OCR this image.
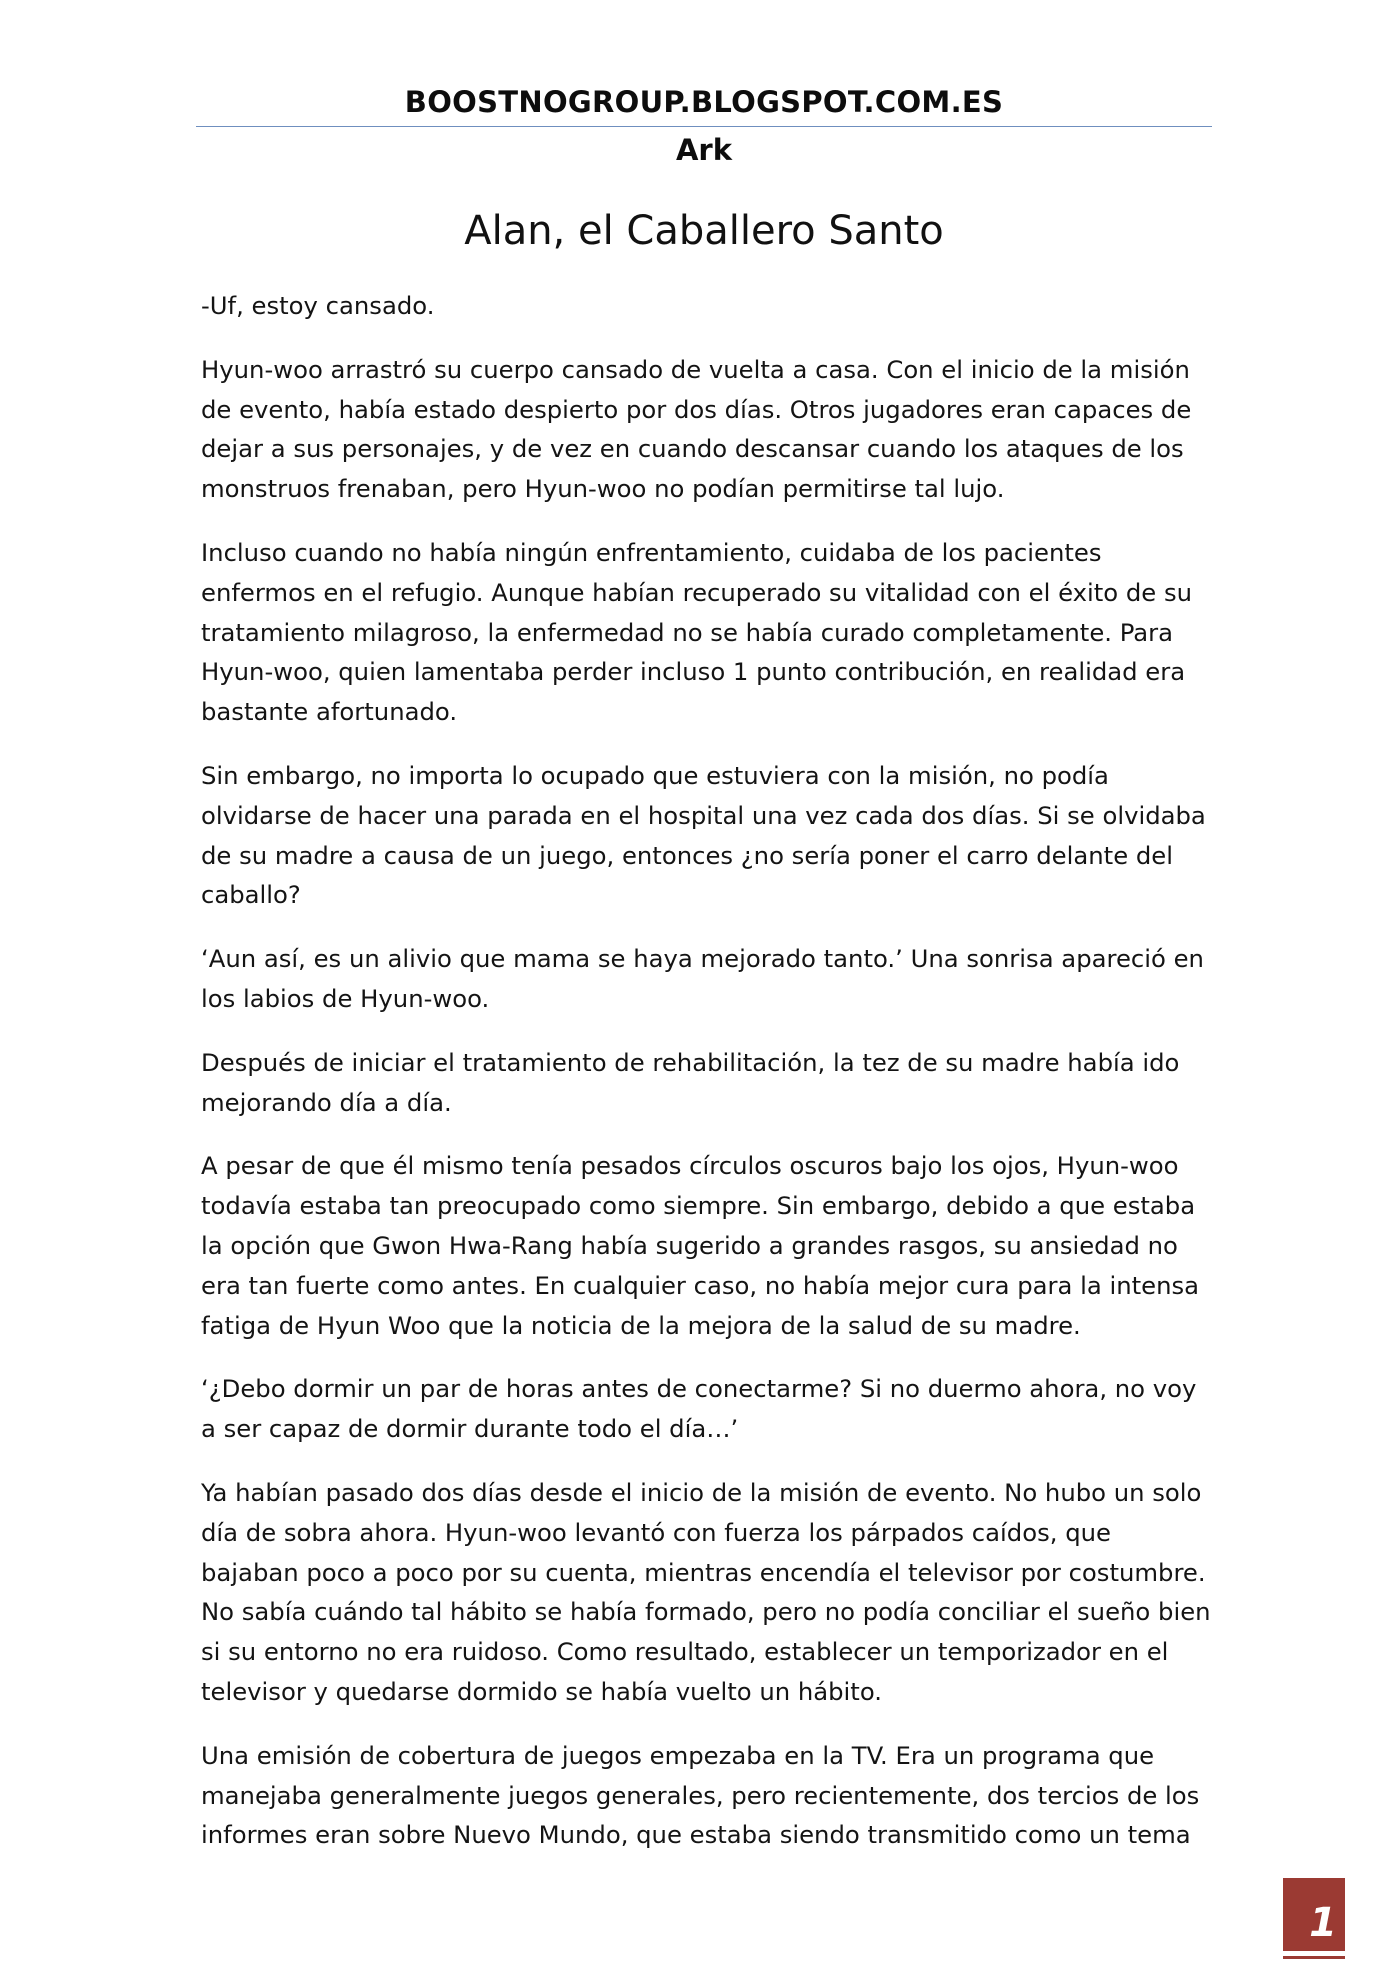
BOOSTNOGROUP.BLOGSPOT.COM.ES
Ark
Alan, el Caballero Santo

-Uf, estoy cansado.

Hyun-woo arrastró su cuerpo cansado de vuelta a casa. Con el inicio de la misión de evento, había estado despierto por dos días. Otros jugadores eran capaces de dejar a sus personajes, y de vez en cuando descansar cuando los ataques de los monstruos frenaban, pero Hyun-woo no podían permitirse tal lujo.

Incluso cuando no había ningún enfrentamiento, cuidaba de los pacientes enfermos en el refugio. Aunque habían recuperado su vitalidad con el éxito de su tratamiento milagroso, la enfermedad no se había curado completamente. Para Hyun-woo, quien lamentaba perder incluso 1 punto contribución, en realidad era bastante afortunado.

Sin embargo, no importa lo ocupado que estuviera con la misión, no podía olvidarse de hacer una parada en el hospital una vez cada dos días. Si se olvidaba de su madre a causa de un juego, entonces ¿no sería poner el carro delante del caballo?

‘Aun así, es un alivio que mama se haya mejorado tanto.’ Una sonrisa apareció en los labios de Hyun-woo.

Después de iniciar el tratamiento de rehabilitación, la tez de su madre había ido mejorando día a día.

A pesar de que él mismo tenía pesados círculos oscuros bajo los ojos, Hyun-woo todavía estaba tan preocupado como siempre. Sin embargo, debido a que estaba la opción que Gwon Hwa-Rang había sugerido a grandes rasgos, su ansiedad no era tan fuerte como antes. En cualquier caso, no había mejor cura para la intensa fatiga de Hyun Woo que la noticia de la mejora de la salud de su madre.

‘¿Debo dormir un par de horas antes de conectarme? Si no duermo ahora, no voy a ser capaz de dormir durante todo el día…’

Ya habían pasado dos días desde el inicio de la misión de evento. No hubo un solo día de sobra ahora. Hyun-woo levantó con fuerza los párpados caídos, que bajaban poco a poco por su cuenta, mientras encendía el televisor por costumbre. No sabía cuándo tal hábito se había formado, pero no podía conciliar el sueño bien si su entorno no era ruidoso. Como resultado, establecer un temporizador en el televisor y quedarse dormido se había vuelto un hábito.

Una emisión de cobertura de juegos empezaba en la TV. Era un programa que manejaba generalmente juegos generales, pero recientemente, dos tercios de los informes eran sobre Nuevo Mundo, que estaba siendo transmitido como un tema

1
